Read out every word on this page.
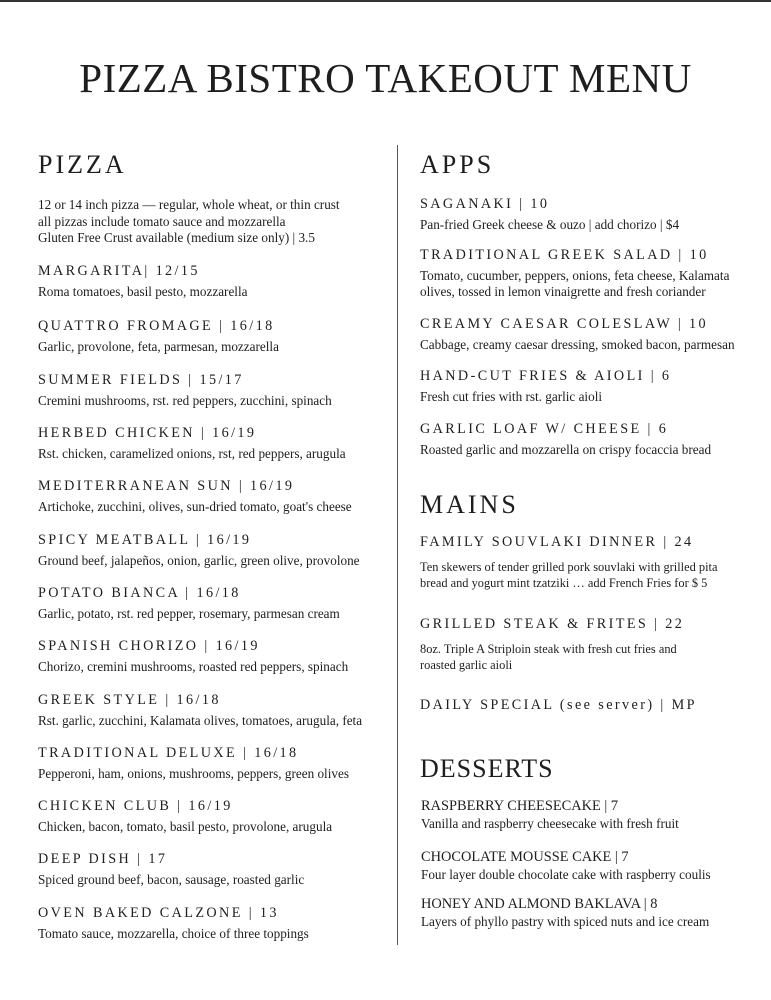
PIZZA BISTRO TAKEOUT MENU
PIZZA
12 or 14 inch pizza — regular, whole wheat, or thin crust
all pizzas include tomato sauce and mozzarella
Gluten Free Crust available (medium size only) | 3.5
MARGARITA| 12/15
Roma tomatoes, basil pesto, mozzarella
QUATTRO FROMAGE | 16/18
Garlic, provolone, feta, parmesan, mozzarella
SUMMER FIELDS | 15/17
Cremini mushrooms, rst. red peppers, zucchini, spinach
HERBED CHICKEN | 16/19
Rst. chicken, caramelized onions, rst, red peppers, arugula
MEDITERRANEAN SUN | 16/19
Artichoke, zucchini, olives, sun-dried tomato, goat's cheese
SPICY MEATBALL | 16/19
Ground beef, jalapeños, onion, garlic, green olive, provolone
POTATO BIANCA | 16/18
Garlic, potato, rst. red pepper, rosemary, parmesan cream
SPANISH CHORIZO | 16/19
Chorizo, cremini mushrooms, roasted red peppers, spinach
GREEK STYLE | 16/18
Rst. garlic, zucchini, Kalamata olives, tomatoes, arugula, feta
TRADITIONAL DELUXE | 16/18
Pepperoni, ham, onions, mushrooms, peppers, green olives
CHICKEN CLUB | 16/19
Chicken, bacon, tomato, basil pesto, provolone, arugula
DEEP DISH | 17
Spiced ground beef, bacon, sausage, roasted garlic
OVEN BAKED CALZONE | 13
Tomato sauce, mozzarella, choice of three toppings
APPS
SAGANAKI | 10
Pan-fried Greek cheese & ouzo | add chorizo | $4
TRADITIONAL GREEK SALAD | 10
Tomato, cucumber, peppers, onions, feta cheese, Kalamata
olives, tossed in lemon vinaigrette and fresh coriander
CREAMY CAESAR COLESLAW | 10
Cabbage, creamy caesar dressing, smoked bacon, parmesan
HAND-CUT FRIES & AIOLI | 6
Fresh cut fries with rst. garlic aioli
GARLIC LOAF W/ CHEESE | 6
Roasted garlic and mozzarella on crispy focaccia bread
MAINS
FAMILY SOUVLAKI DINNER | 24
Ten skewers of tender grilled pork souvlaki with grilled pita
bread and yogurt mint tzatziki … add French Fries for $ 5
GRILLED STEAK & FRITES | 22
8oz. Triple A Striploin steak with fresh cut fries and
roasted garlic aioli
DAILY SPECIAL (see server) | MP
DESSERTS
RASPBERRY CHEESECAKE | 7
Vanilla and raspberry cheesecake with fresh fruit
CHOCOLATE MOUSSE CAKE | 7
Four layer double chocolate cake with raspberry coulis
HONEY AND ALMOND BAKLAVA | 8
Layers of phyllo pastry with spiced nuts and ice cream
